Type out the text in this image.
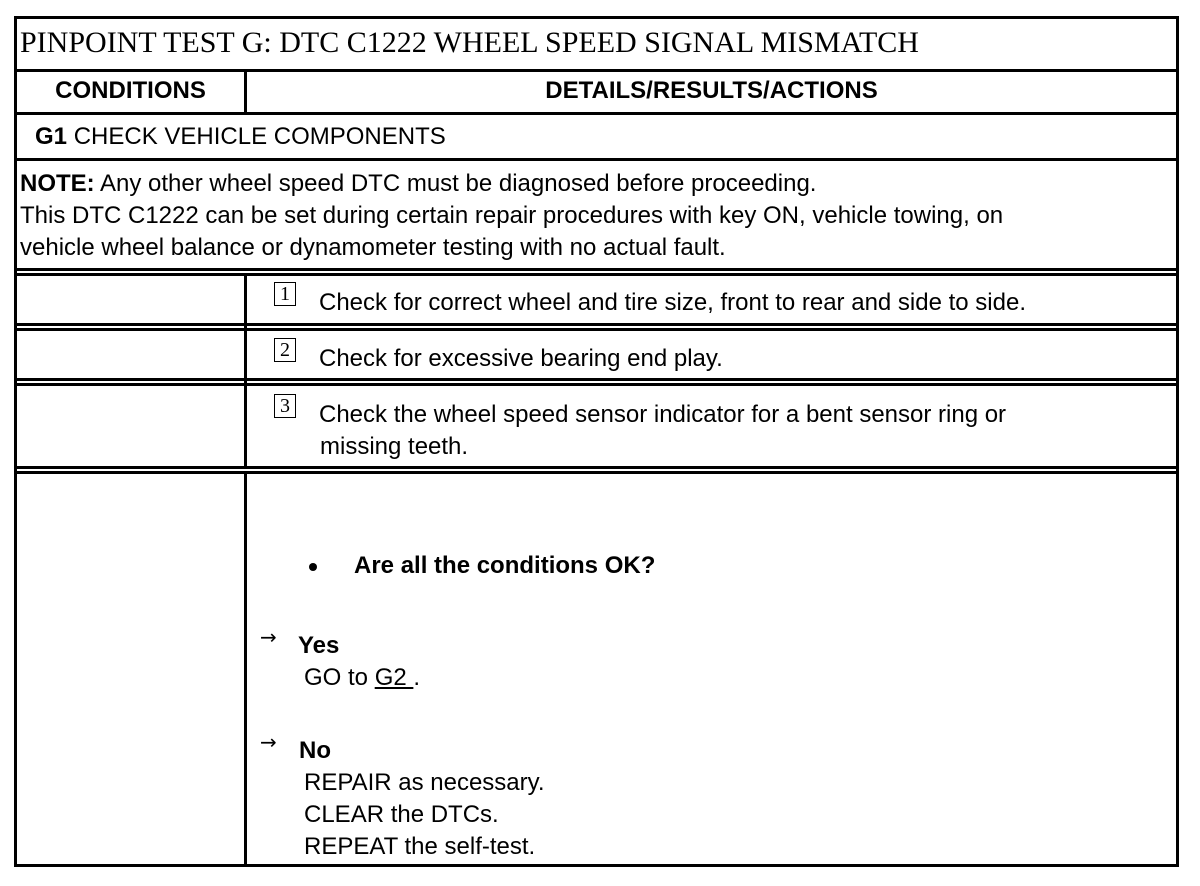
PINPOINT TEST G: DTC C1222 WHEEL SPEED SIGNAL MISMATCH
CONDITIONS	DETAILS/RESULTS/ACTIONS
G1 CHECK VEHICLE COMPONENTS
NOTE: Any other wheel speed DTC must be diagnosed before proceeding.
This DTC C1222 can be set during certain repair procedures with key ON, vehicle towing, on
vehicle wheel balance or dynamometer testing with no actual fault.
1 Check for correct wheel and tire size, front to rear and side to side.
2 Check for excessive bearing end play.
3 Check the wheel speed sensor indicator for a bent sensor ring or
missing teeth.
Are all the conditions OK?
→ Yes
GO to G2 .
→ No
REPAIR as necessary.
CLEAR the DTCs.
REPEAT the self-test.
